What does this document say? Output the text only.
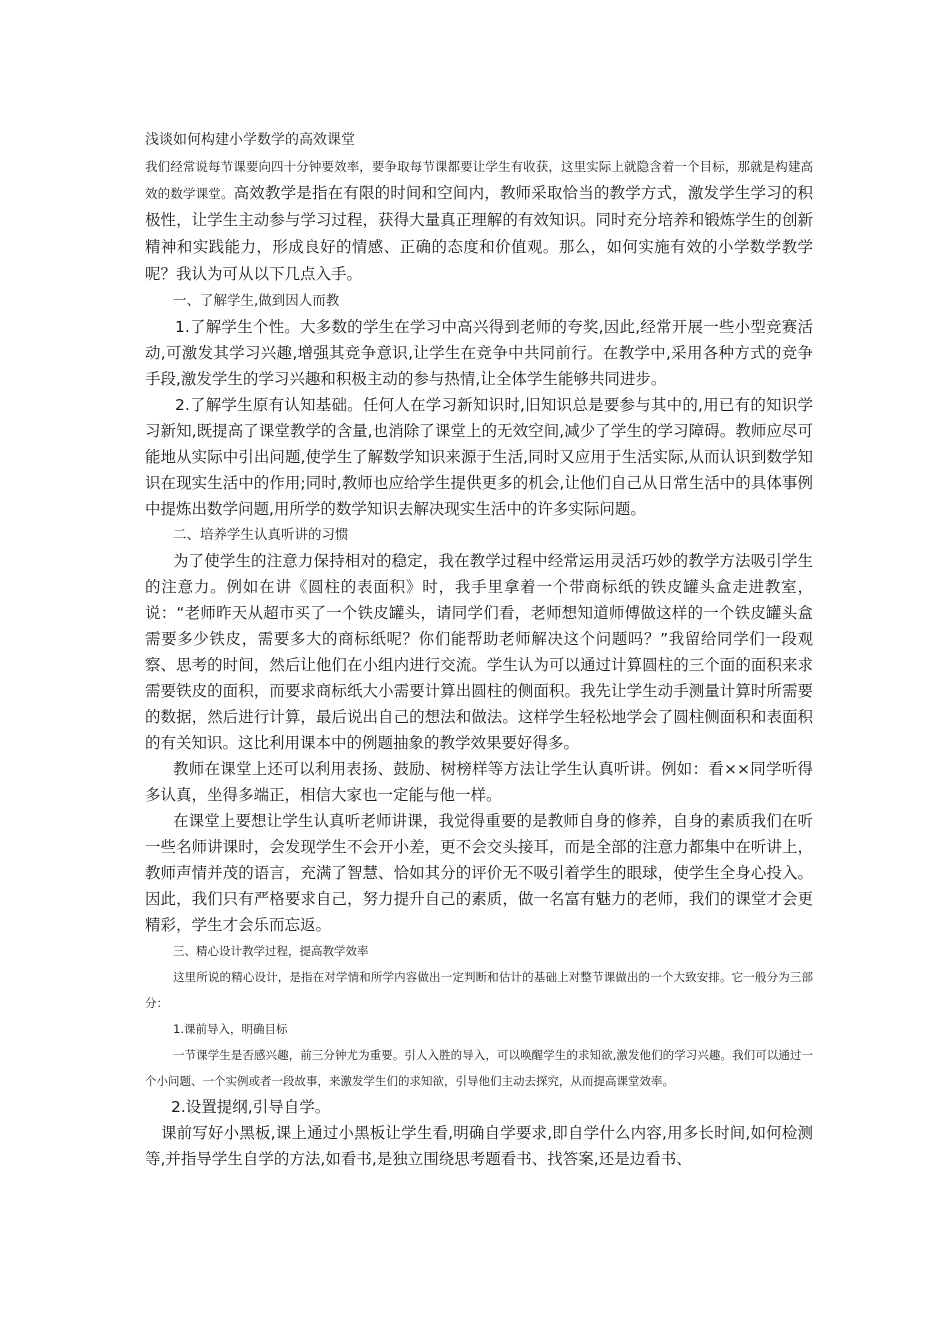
浅谈如何构建小学数学的高效课堂

我们经常说每节课要向四十分钟要效率，要争取每节课都要让学生有收获，这里实际上就隐含着一个目标，那就是构建高效的数学课堂。高效教学是指在有限的时间和空间内，教师采取恰当的教学方式，激发学生学习的积极性，让学生主动参与学习过程，获得大量真正理解的有效知识。同时充分培养和锻炼学生的创新精神和实践能力，形成良好的情感、正确的态度和价值观。那么，如何实施有效的小学数学教学呢？我认为可从以下几点入手。

一、了解学生,做到因人而教

1.了解学生个性。大多数的学生在学习中高兴得到老师的夸奖,因此,经常开展一些小型竞赛活动,可激发其学习兴趣,增强其竞争意识,让学生在竞争中共同前行。在教学中,采用各种方式的竞争手段,激发学生的学习兴趣和积极主动的参与热情,让全体学生能够共同进步。

2.了解学生原有认知基础。任何人在学习新知识时,旧知识总是要参与其中的,用已有的知识学习新知,既提高了课堂教学的含量,也消除了课堂上的无效空间,减少了学生的学习障碍。教师应尽可能地从实际中引出问题,使学生了解数学知识来源于生活,同时又应用于生活实际,从而认识到数学知识在现实生活中的作用;同时,教师也应给学生提供更多的机会,让他们自己从日常生活中的具体事例中提炼出数学问题,用所学的数学知识去解决现实生活中的许多实际问题。

二、培养学生认真听讲的习惯

为了使学生的注意力保持相对的稳定，我在教学过程中经常运用灵活巧妙的教学方法吸引学生的注意力。例如在讲《圆柱的表面积》时，我手里拿着一个带商标纸的铁皮罐头盒走进教室，说：“老师昨天从超市买了一个铁皮罐头，请同学们看，老师想知道师傅做这样的一个铁皮罐头盒需要多少铁皮，需要多大的商标纸呢？你们能帮助老师解决这个问题吗？”我留给同学们一段观察、思考的时间，然后让他们在小组内进行交流。学生认为可以通过计算圆柱的三个面的面积来求需要铁皮的面积，而要求商标纸大小需要计算出圆柱的侧面积。我先让学生动手测量计算时所需要的数据，然后进行计算，最后说出自己的想法和做法。这样学生轻松地学会了圆柱侧面积和表面积的有关知识。这比利用课本中的例题抽象的教学效果要好得多。

教师在课堂上还可以利用表扬、鼓励、树榜样等方法让学生认真听讲。例如：看××同学听得多认真，坐得多端正，相信大家也一定能与他一样。

在课堂上要想让学生认真听老师讲课，我觉得重要的是教师自身的修养，自身的素质我们在听一些名师讲课时，会发现学生不会开小差，更不会交头接耳，而是全部的注意力都集中在听讲上，教师声情并茂的语言，充满了智慧、恰如其分的评价无不吸引着学生的眼球，使学生全身心投入。因此，我们只有严格要求自己，努力提升自己的素质，做一名富有魅力的老师，我们的课堂才会更精彩，学生才会乐而忘返。

三、精心设计教学过程，提高教学效率

这里所说的精心设计，是指在对学情和所学内容做出一定判断和估计的基础上对整节课做出的一个大致安排。它一般分为三部分：

1.课前导入，明确目标

一节课学生是否感兴趣，前三分钟尤为重要。引人入胜的导入，可以唤醒学生的求知欲,激发他们的学习兴趣。我们可以通过一个小问题、一个实例或者一段故事，来激发学生们的求知欲，引导他们主动去探究，从而提高课堂效率。

2.设置提纲,引导自学。

课前写好小黑板,课上通过小黑板让学生看,明确自学要求,即自学什么内容,用多长时间,如何检测等,并指导学生自学的方法,如看书,是独立围绕思考题看书、找答案,还是边看书、
